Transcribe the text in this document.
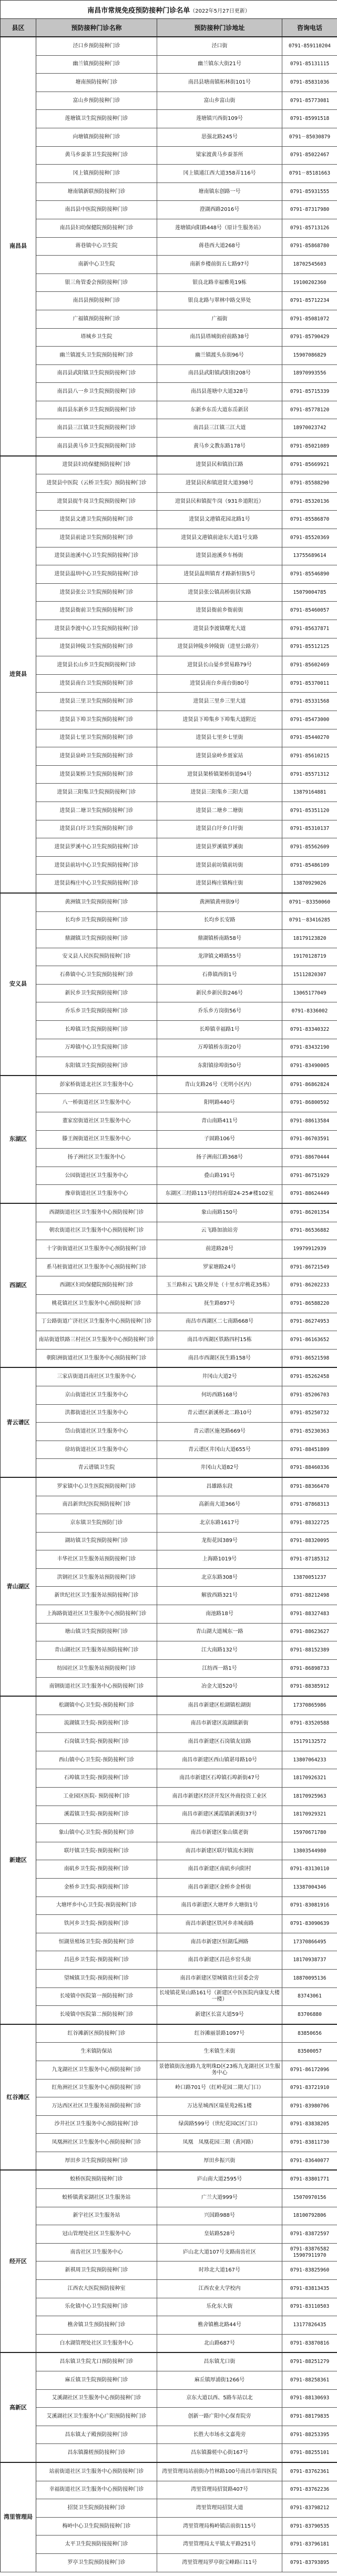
南昌市常规免疫预防接种门诊名单（2022年5月27日更新）			
县区	预防接种门诊名称	预防接种门诊地址	咨询电话
南昌县	泾口乡预防接种门诊	泾口街	0791-859110204
	幽兰镇预防接种门诊	幽兰镇东大街21号	0791-85131115
	塘南预防接种门诊	南昌县塘南镇柘林街101号	0791-85831036
	富山乡预防接种门诊	富山乡富山街	0791-85773081
	莲塘镇卫生院预防接种门诊	莲塘镇兴西街109号	0791-85991518
	向塘镇预防接种门诊	思强北路245号	0791－85030879
	黄马乡蚕茶卫生院接种门诊	梁家渡黄马乡蚕茶所	0791-85022467
	冈上镇预防接种门诊	冈上镇通江西大道358弄116号	0791－85181663
	塘南镇新联预防接种门诊	塘南镇东创路一号	0791-85931555
	南昌县中医院预防接种门诊	澄湖西路2016号	0791-87317980
	南昌县妇幼保健院预防接种门诊	莲塘镇向阳路448号（原计生服务站）	0791-85713126
	蒋巷镇中心卫生院	蒋巷西大道268号	0791-85868780
	南新中心卫生院	南新乡楼前街五七路97号	18702545603
	银三角管委会预防接种门诊	银良北路幸福雅苑19栋	19100202360
	南昌县预防接种门诊	银良北路与翠林中路交界处	0791-85712234
	广福镇预防接种门诊	广福街	0791-85081072
	塔城乡卫生院	南昌县塔城街府前路38号	0791-85790429
	幽兰镇渡头卫生院预防接种门诊	幽兰镇渡头东街96号	15907086829
	南昌县武阳镇卫生院预防接种门诊	南昌县武阳镇武阳街208号	18970993556
	南昌县八一乡卫生院预防接种门诊	南昌县莲塘中大道328号	0791-85715339
	南昌县东新乡卫生院预防接种门诊	东新乡东岳大道东岳新居	0791-85778120
	南昌县三江镇卫生院预防接种门诊	南昌县三江镇三江大道	18970023742
	南昌县黄马乡卫生院预防接种门诊	黄马乡文教东路178号	0791-85021089
进贤县	进贤县妇幼保健预防接种门诊	进贤县民和镇沿江路	0791-85669921
	进贤县中医院（云桥卫生院）预防接种门诊	进贤县民和镇进贤大道398号	0791-85588290
	进贤县捉牛岗卫生院预防接种门诊	进贤县民和镇捉牛岗（931乡道附近）	0791-85320136
	进贤县文港卫生院预防接种门诊	进贤县文港镇花园北路1号	0791-85586870
	进贤县前途卫生院预防接种门诊	进贤县文港镇前途东大道1号支路	0791-85520369
	进贤县池溪中心卫生院预防接种门诊	进贤县池溪乡车杨街	13755689614
	进贤县温圳中心卫生院预防接种门诊	进贤县温圳镇育才路新恒街5号	0791-85546890
	进贤县张公卫生院预防接种门诊	进贤县张公镇高桥街居实路	15079004785
	进贤县衙前卫生院预防接种门诊	进贤县衙前乡衙前街	0791-85460057
	进贤县李渡中心卫生院预防接种门诊	进贤县李渡镇曙光大道	0791-85637871
	进贤县钟陵卫生院预防接种门诊	进贤县钟陵乡钟陵街（进里公路旁）	0791-85512125
	进贤县长山乡卫生院预防接种门诊	进贤县长山晏乡贸易路79号	0791-85602469
	进贤县南台卫生院预防接种门诊	进贤县南台乡南台街80号	0791-85370011
	进贤县三里卫生院预防接种门诊	进贤县三里乡三里大道	0791-85331568
	进贤县下埠卫生院预防接种门诊	进贤县下埠集乡下埠集大道附近	0791-85473000
	进贤县七里卫生院预防接种门诊	进贤县七里乡七里街	0791-85440270
	进贤县泉岭卫生院预防接种门诊	进贤县泉岭乡聂家站	0791-85610215
	进贤县架桥卫生院预防接种门诊	进贤县架桥镇架桥街道94号	0791-85571312
	进贤县三阳集卫生院预防接种门诊	进贤县三阳集乡三阳大道	13879164881
	进贤县二塘卫生院预防接种门诊	进贤县二塘乡二塘街	0791-85351120
	进贤县白圩卫生院预防接种门诊	进贤县白圩乡白圩街	0791-85310137
	进贤县罗溪中心卫生院预防接种门诊	进贤县罗溪镇罗溪街	0791-85562609
	进贤县前坊中心卫生院预防接种门诊	进贤县前坊镇前坊街	0791-85486109
	进贤县梅庄中心卫生院预防接种门诊	进贤县梅庄镇梅庄街	13870929026
安义县	黄洲镇卫生院预防接种门诊	黄洲镇黄州街9号	0791－83350060
	长均乡卫生院预防接种门诊	长均乡长安路	0791－83416285
	鼎湖镇卫生院预防接种门诊	鼎湖镇桥南路58号	18179123820
	安义县人民医院预防接种门诊	龙津镇文峰路55号	19170128719
	石鼻镇中心卫生院预防接种门诊	石鼻镇西街1号	15112820307
	新民乡卫生院预防接种门诊	新民乡新民街246号	13065177049
	乔乐乡卫生院预防接种门诊	乔乐乡方岗街56号	0791-8336002
	长埠镇卫生院预防接种门诊	长埠镇幸福路1号	0791-83340322
	万埠镇中心卫生院接种门诊	万埠镇桥东街20号	0791-83432190
	东阳镇卫生院预防接种门诊	东阳镇徐埠街50号	0791-83490005
东湖区	彭家桥街道北社区卫生服务中心	青山支路26号（光明小区内）	0791-86862824
	八一桥街道社区卫生服务中心	阳明路440号	0791-86800592
	董家窑街道社区卫生服务中心	青山南路411号	0791-88613584
	滕王阁街道社区卫生服务中心	子固路106号	0791-86703591
	扬子洲社区卫生服务中心	扬子洲南江路368号	0791-88670444
	公园街道社区卫生服务中心	叠山路191号	0791-86751929
	豫章街道社区卫生服务中心	东湖区三经路113号经纬府邸24-25#楼102室	0791-88624449
西湖区	西湖街道社区卫生服务中心预防接种门诊	象山南路150号	0791-86201354
	朝农街道社区卫生服务中心预防接种门诊	云飞路加油站旁	0791-86536882
	十字街街道社区卫生服务中心预防接种门诊	前进路28号	19979912939
	系马桩街道社区卫生服务中心预防接种门诊	罗家塘路24号	0791-86721549
	西湖区妇幼保健院预防接种门诊	玉兰路和云飞路交界处（十里水岸桃花35栋）	0791-86202233
	桃花镇社区卫生服务中心预防接种门诊	抚生路897号	0791-86588220
	丁公路街道广济社区卫生服务中心预防接种门诊	南昌市西湖区二七南路668号	0791-86274953
	南站街道铁路三村社区卫生服务中心预防接种门诊	南昌市西湖区铁路四村15栋	0791-86163652
	朝阳洲街道社区卫生服务中心预防接种门诊	南昌市西湖区抚生路158号	0791-86521598
青云谱区	三家店街道昌南社区卫生服务中心	井冈山大道2号	0791-85262458
	京山街道社区卫生服务中心	何坊西路168号	0791-85206703
	洪都街道社区卫生服务中心	青云谱区新溪桥北二路10号	0791-85250732
	岱山街道社区卫生服务中心	青云谱区施尧路669号	0791-85230363
	徐坊街道社区卫生服务中心	青云谱区井冈山大道655号	0791-88451809
	青云谱镇卫生院	井冈山大道82号	0791-88460336
青山湖区	罗家镇中心卫生医院预防接种门诊	昌雄路东段	0791-88366470
	南昌新世纪医院预防接种门诊	高新南大道366号	0791-87868313
	京东镇卫生院预防门诊	北京东路1617号	0791-88322725
	湖坊镇卫生院预防接种门诊	龙衔花园389号	0791-88320095
	丰华社区卫生服务站预防接种门诊	上海路1019号	0791-87185312
	洪钢社区卫生服务站预防接种门诊	北京东路308号	13870051237
	新世纪社区卫生服务站预防接种门诊	解放西路321号	0791-88212498
	上海路街道社区卫生服务中心预防接种门诊	南池路18号	0791-88327483
	塘山镇卫生院预防接种门诊	青山湖大道城东一路	0791-88623627
	青山湖社区卫生服务站预防接种门诊	江大南路132号	0791-88152389
	纺园社区卫生服务站预防接种门诊	江纺西一路1号	0791-86898733
	南钢街道社区卫生服务中心预防接种门诊	冶金大道520号	0791-88385912
新建区	松湖镇中心卫生院-预防接种门诊	南昌市新建区松湖镇松湖街	17370865986
	流湖镇卫生院-预防接种门诊	南昌市新建区流湖镇新街	0791-83520588
	石岗镇卫生院-预防接种门诊	南昌市新建区石岗镇友谊路	15179132572
	西山镇中心卫生院-预防接种门诊	南昌市新建区西山镇谌母路10号	13807064233
	石埠镇卫生院-预防接种门诊	南昌市新建区石埠镇石埠新街47号	18170926321
	工业园区医院- 预防接种门诊	南昌市新建区经济开发区外商投资工业区	18170925963
	溪霞镇卫生院-预防接种门诊	南昌市新建区溪霞镇新溪街37号	18170929321
	象山镇中心卫生院-预防接种门诊	南昌市新建区象山镇老街	15970671780
	联圩镇卫生院-预防接种门诊	南昌市新建区联圩镇流水洞街	13803544980
	南矶乡卫生院-预防接种门诊	南昌市新建区南矶乡向阳村	0791-83130110
	金桥乡卫生院-预防接种门诊	南昌市新建区金桥乡金桥街	13387004346
	大塘坪乡中心卫生院-预防接种门诊	南昌市新建区大塘坪乡大塘街1号	0791-83081916
	铁河乡卫生院-预防接种门诊	南昌市新建区铁河乡赤城南路	0791-83090639
	恒湖垦殖场卫生院-预防接种门诊	南昌市新建区恒湖瓜洲路	17370866495
	昌邑乡卫生院-预防接种门诊	南昌市新建区昌邑乡窑头街	18170938737
	望城镇卫生院-预防接种门诊	南昌市新建区望城镇省庄居委会旁	18870095136
	长堎镇中医院第一预防接种门诊	长堎镇花果山路161号（新建区中医医院内康复大楼一楼）	83743061
	长堎镇中医院第二预防接种门诊	新建区长富大道59号	83706880
红谷滩区	红谷滩新区预防接种门诊	红谷滩丽景路1097号	83850656
	生米镇防保站	生米镇生米街	83500057
	九龙湖社区卫生服务中心预防接种门诊	景德镇街汝池路九龙明珠D区23栋九龙湖社区卫生服务中心	0791-86172096
	红角洲社区卫生服务中心预防接种门诊	岭口路701号（红岭花园二期大门口）	0791-83721910
	万达西区社区卫生服务站预防接种门诊	万达星城西区瑞星苑2栋1楼	0791-83980706
	沙井社区卫生服务中心预防接种门诊	绿茵路599号（世纪花园C区门口）	0791-83838205
	凤凰洲社区卫生服务中心预防接种门诊	凤凰　凤凰花园三期（黄河路）	0791-83811730
	厚田乡卫生院预防接种门诊	厚田乡振兴街	0791-83640077
经开区	蛟桥医院预防接种门诊	庐山南大道2595号	0791-83801771
	蛟桥镇黄家湖社区卫生服务站	广兰大道999号	15070970156
	新宇社区卫生服务站	兴国路988号	18100792806
	冠山管理处社区卫生服务中心	皇姑路528号	0791-83872597
	南齿社区卫生服务中心	庐山北大道107号支路南齿社区	0791-83876582 15907911970
	新祺周卫生院预防接种门诊	时珍北大道167号	0791-83825960
	江西农大医院预防接种室	江西农业大学校内	0791-83813435
	乐化镇中心卫生院接种门诊	乐化东大街	0791-83110503
	樵舍镇卫生预防接种门诊	樵舍镇樵北路44号	13177826435
	白水湖管理处社区卫生服务中心	北山路687号	0791-83870816
高新区	昌东镇卫生院尤口预防接种门诊	昌东镇尤口街	0791-88251279
	麻丘镇卫生院预防接种门诊	麻丘镇厚浦街1266号	0791-88258361
	艾溪湖社区卫生服务中心预防接种门诊	京东大道以西、5路车站以北	0791-88130693
	艾溪湖社区卫生服务中心广阳预防接种门诊	创新一路广阳中心保育院旁	0791-88179835
	昌东镇太子殿预防接种门诊	长胜大市场水文嘉苑旁	0791-88253395
	昌东镇滁槎预防接种门诊	昌东镇滁槎中心街167号	0791-88255101
湾里管理局	站前街道社区卫生服务中心预防接种门诊	湾里管理局站前街办竹林路100号南昌市第四医院	0791-83762361
	幸福街道社区卫生服务中心预防接种门诊	湾里管理局招贤路407号	0791-83762236
	招贤卫生院预防接种门诊	湾里管理局招贤大道	0791-83798212
	梅岭中心卫生院预防接种门诊	湾里管理局梅岭镇店前街115号	0791-83790535
	太平卫生院预防接接种门诊	湾里管理局太平镇太平路251号	0791-83796181
	罗亭卫生院预防接种门诊	湾里管理局罗亭街宝峰路口11号	0791-83793895
